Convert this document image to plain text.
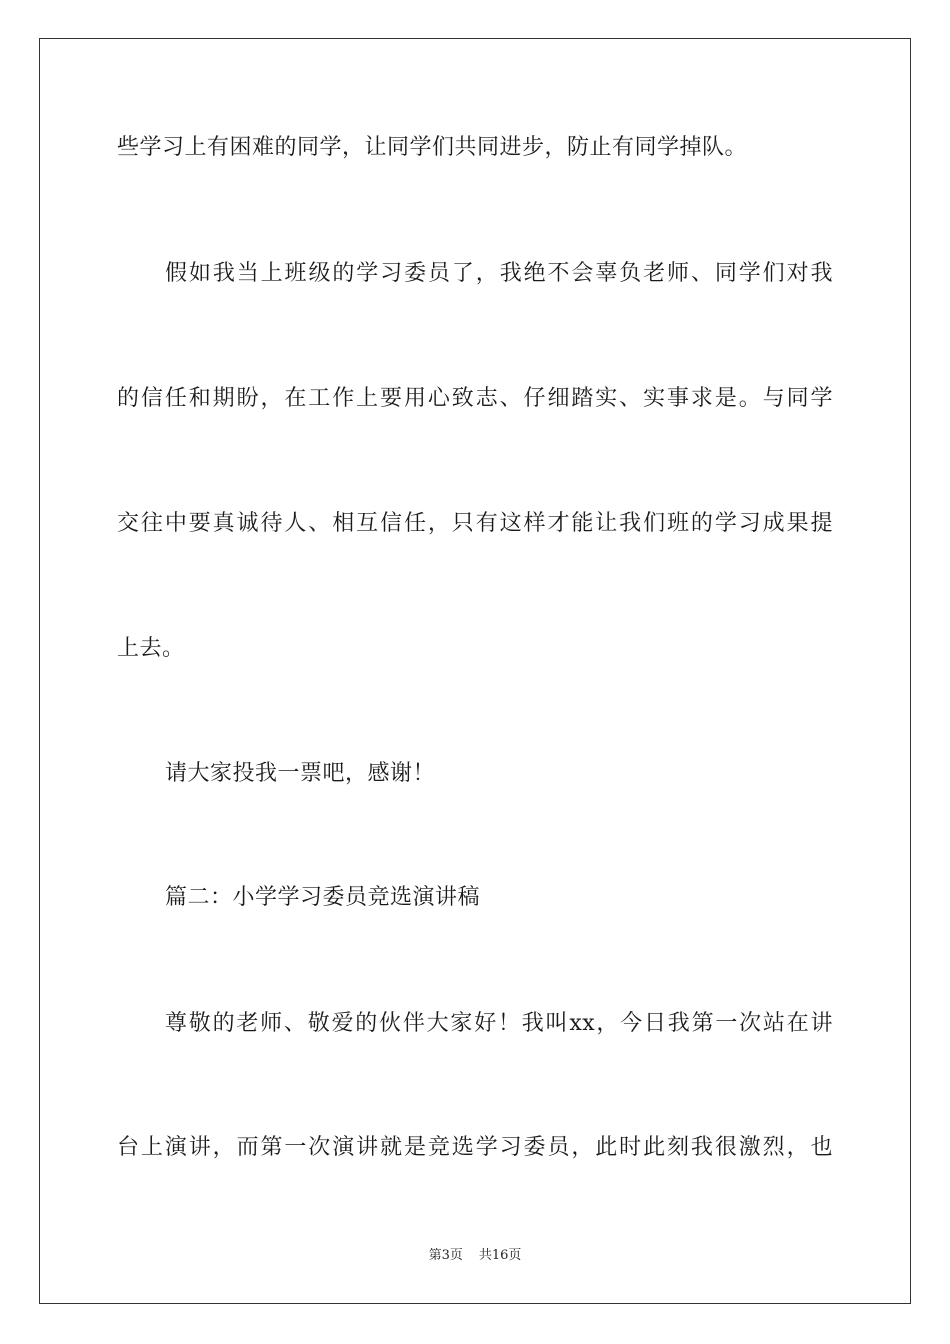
些学习上有困难的同学，让同学们共同进步，防止有同学掉队。

假如我当上班级的学习委员了，我绝不会辜负老师、同学们对我

的信任和期盼，在工作上要用心致志、仔细踏实、实事求是。与同学

交往中要真诚待人、相互信任，只有这样才能让我们班的学习成果提

上去。

请大家投我一票吧，感谢！

篇二：小学学习委员竞选演讲稿

尊敬的老师、敬爱的伙伴大家好！我叫xx，今日我第一次站在讲

台上演讲，而第一次演讲就是竞选学习委员，此时此刻我很激烈，也

第3页 共16页
